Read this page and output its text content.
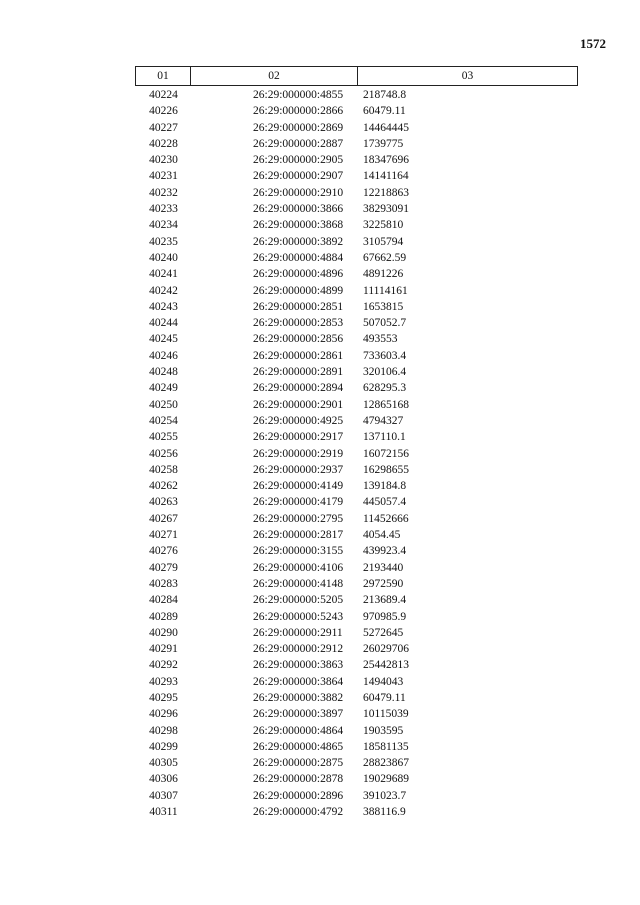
1572
01	02	03
40224	26:29:000000:4855	218748.8
40226	26:29:000000:2866	60479.11
40227	26:29:000000:2869	14464445
40228	26:29:000000:2887	1739775
40230	26:29:000000:2905	18347696
40231	26:29:000000:2907	14141164
40232	26:29:000000:2910	12218863
40233	26:29:000000:3866	38293091
40234	26:29:000000:3868	3225810
40235	26:29:000000:3892	3105794
40240	26:29:000000:4884	67662.59
40241	26:29:000000:4896	4891226
40242	26:29:000000:4899	11114161
40243	26:29:000000:2851	1653815
40244	26:29:000000:2853	507052.7
40245	26:29:000000:2856	493553
40246	26:29:000000:2861	733603.4
40248	26:29:000000:2891	320106.4
40249	26:29:000000:2894	628295.3
40250	26:29:000000:2901	12865168
40254	26:29:000000:4925	4794327
40255	26:29:000000:2917	137110.1
40256	26:29:000000:2919	16072156
40258	26:29:000000:2937	16298655
40262	26:29:000000:4149	139184.8
40263	26:29:000000:4179	445057.4
40267	26:29:000000:2795	11452666
40271	26:29:000000:2817	4054.45
40276	26:29:000000:3155	439923.4
40279	26:29:000000:4106	2193440
40283	26:29:000000:4148	2972590
40284	26:29:000000:5205	213689.4
40289	26:29:000000:5243	970985.9
40290	26:29:000000:2911	5272645
40291	26:29:000000:2912	26029706
40292	26:29:000000:3863	25442813
40293	26:29:000000:3864	1494043
40295	26:29:000000:3882	60479.11
40296	26:29:000000:3897	10115039
40298	26:29:000000:4864	1903595
40299	26:29:000000:4865	18581135
40305	26:29:000000:2875	28823867
40306	26:29:000000:2878	19029689
40307	26:29:000000:2896	391023.7
40311	26:29:000000:4792	388116.9
